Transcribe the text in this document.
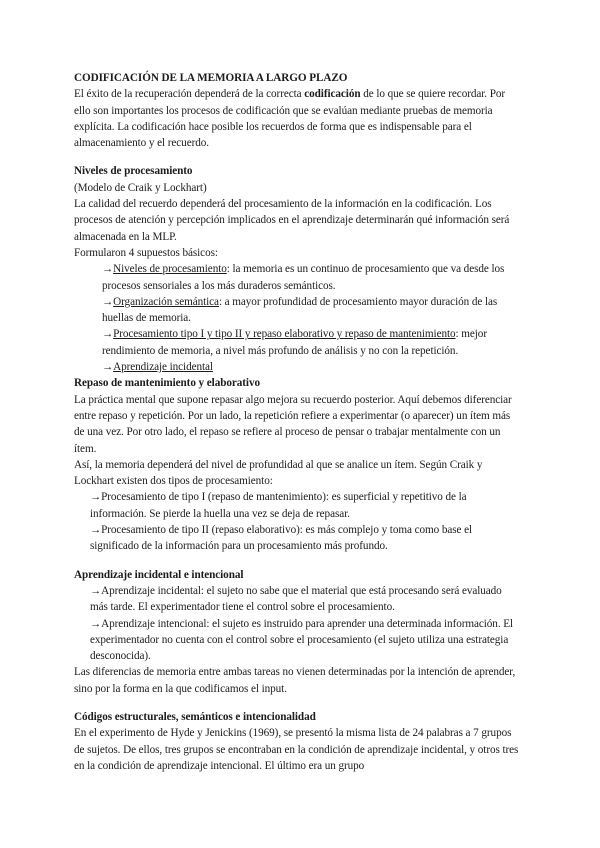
CODIFICACIÓN DE LA MEMORIA A LARGO PLAZO

El éxito de la recuperación dependerá de la correcta codificación de lo que se quiere recordar. Por ello son importantes los procesos de codificación que se evalúan mediante pruebas de memoria explícita. La codificación hace posible los recuerdos de forma que es indispensable para el almacenamiento y el recuerdo.

Niveles de procesamiento

(Modelo de Craik y Lockhart)

La calidad del recuerdo dependerá del procesamiento de la información en la codificación. Los procesos de atención y percepción implicados en el aprendizaje determinarán qué información será almacenada en la MLP.

Formularon 4 supuestos básicos:

→Niveles de procesamiento: la memoria es un continuo de procesamiento que va desde los procesos sensoriales a los más duraderos semánticos.

→Organización semántica: a mayor profundidad de procesamiento mayor duración de las huellas de memoria.

→Procesamiento tipo I y tipo II y repaso elaborativo y repaso de mantenimiento: mejor rendimiento de memoria, a nivel más profundo de análisis y no con la repetición.

→Aprendizaje incidental

Repaso de mantenimiento y elaborativo

La práctica mental que supone repasar algo mejora su recuerdo posterior. Aquí debemos diferenciar entre repaso y repetición. Por un lado, la repetición refiere a experimentar (o aparecer) un ítem más de una vez. Por otro lado, el repaso se refiere al proceso de pensar o trabajar mentalmente con un ítem.

Así, la memoria dependerá del nivel de profundidad al que se analice un ítem. Según Craik y Lockhart existen dos tipos de procesamiento:

→Procesamiento de tipo I (repaso de mantenimiento): es superficial y repetitivo de la información. Se pierde la huella una vez se deja de repasar.

→Procesamiento de tipo II (repaso elaborativo): es más complejo y toma como base el significado de la información para un procesamiento más profundo.

Aprendizaje incidental e intencional

→Aprendizaje incidental: el sujeto no sabe que el material que está procesando será evaluado más tarde. El experimentador tiene el control sobre el procesamiento.

→Aprendizaje intencional: el sujeto es instruido para aprender una determinada información. El experimentador no cuenta con el control sobre el procesamiento (el sujeto utiliza una estrategia desconocida).

Las diferencias de memoria entre ambas tareas no vienen determinadas por la intención de aprender, sino por la forma en la que codificamos el input.

Códigos estructurales, semánticos e intencionalidad

En el experimento de Hyde y Jenickins (1969), se presentó la misma lista de 24 palabras a 7 grupos de sujetos. De ellos, tres grupos se encontraban en la condición de aprendizaje incidental, y otros tres en la condición de aprendizaje intencional. El último era un grupo
